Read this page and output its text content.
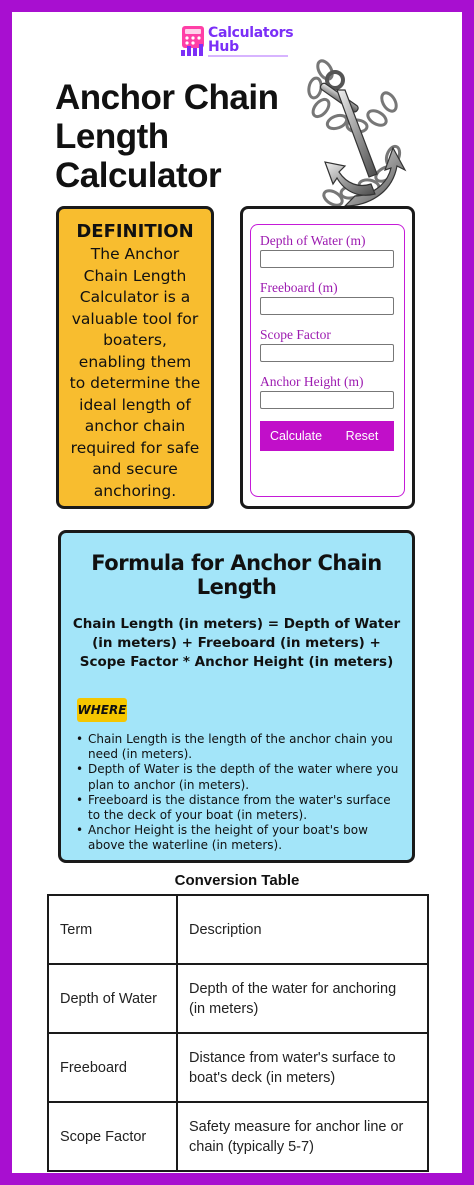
Calculators
Hub
Anchor Chain
Length
Calculator
DEFINITION
The Anchor Chain Length Calculator is a valuable tool for boaters, enabling them to determine the ideal length of anchor chain required for safe and secure anchoring.
Depth of Water (m)
Freeboard (m)
Scope Factor
Anchor Height (m)
Calculate	Reset
Formula for Anchor Chain Length
Chain Length (in meters) = Depth of Water (in meters) + Freeboard (in meters) + Scope Factor * Anchor Height (in meters)
WHERE
• Chain Length is the length of the anchor chain you need (in meters).
• Depth of Water is the depth of the water where you plan to anchor (in meters).
• Freeboard is the distance from the water's surface to the deck of your boat (in meters).
• Anchor Height is the height of your boat's bow above the waterline (in meters).
Conversion Table
Term	Description
Depth of Water	Depth of the water for anchoring (in meters)
Freeboard	Distance from water's surface to boat's deck (in meters)
Scope Factor	Safety measure for anchor line or chain (typically 5-7)
